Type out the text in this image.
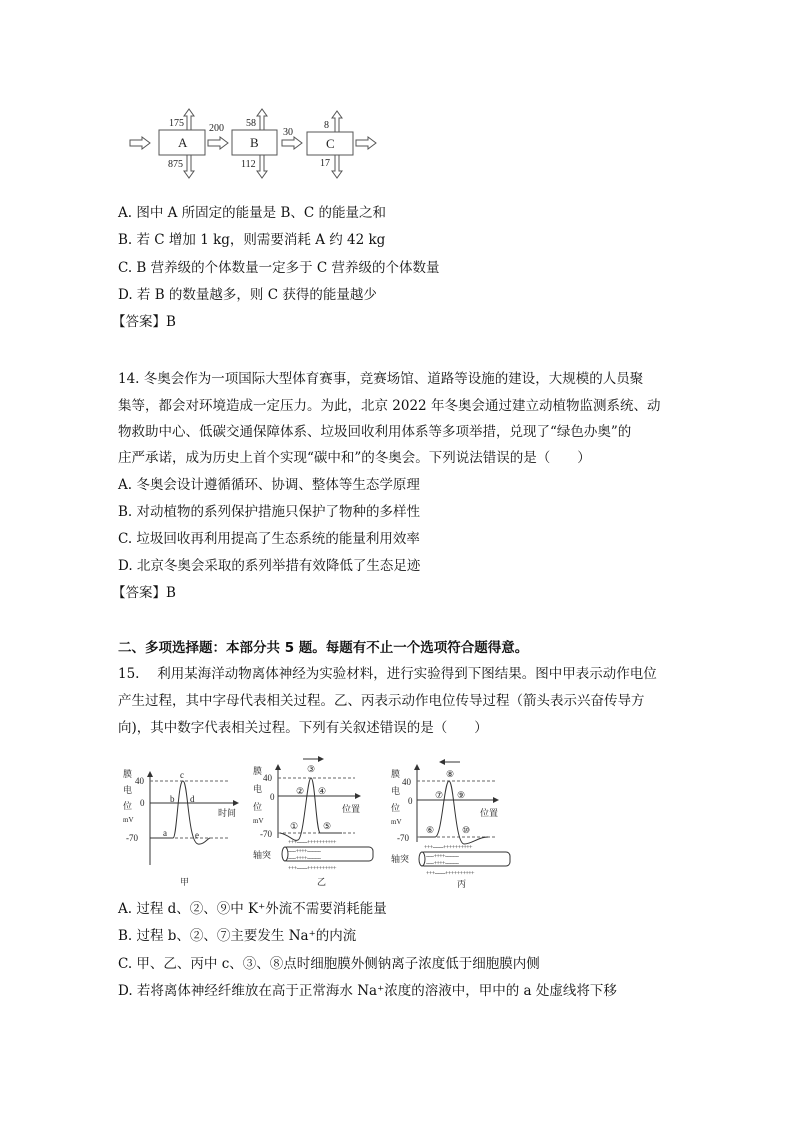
A	B	C
175
875
200 58
112
30
8
17
A. 图中 A 所固定的能量是 B、C 的能量之和
B. 若 C 增加 1 kg，则需要消耗 A 约 42 kg
C. B 营养级的个体数量一定多于 C 营养级的个体数量
D. 若 B 的数量越多，则 C 获得的能量越少
【答案】B
14. 冬奥会作为一项国际大型体育赛事，竞赛场馆、道路等设施的建设，大规模的人员聚
集等，都会对环境造成一定压力。为此，北京 2022 年冬奥会通过建立动植物监测系统、动
物救助中心、低碳交通保障体系、垃圾回收利用体系等多项举措，兑现了“绿色办奥”的
庄严承诺，成为历史上首个实现“碳中和”的冬奥会。下列说法错误的是（　　）
A. 冬奥会设计遵循循环、协调、整体等生态学原理
B. 对动植物的系列保护措施只保护了物种的多样性
C. 垃圾回收再利用提高了生态系统的能量利用效率
D. 北京冬奥会采取的系列举措有效降低了生态足迹
【答案】B
二、多项选择题：本部分共 5 题。每题有不止一个选项符合题得意。
15.　 利用某海洋动物离体神经为实验材料，进行实验得到下图结果。图中甲表示动作电位
产生过程，其中字母代表相关过程。乙、丙表示动作电位传导过程（箭头表示兴奋传导方
向)，其中数字代表相关过程。下列有关叙述错误的是（　　）
膜
电
位
mV
40
0
-70
时间
a
b
c
d
e
甲
膜
电
位
mV
40
0
-70
位置
①
②
③
④
⑤
+++-------++++++++++
-----++++---------
-----++++---------
+++-------++++++++++
轴突
乙
膜
电
位
mV
40
0
-70
位置
⑥
⑦
⑧
⑨
⑩
+++-------++++++++++
-----++++---------
-----++++---------
+++-------++++++++++
轴突
丙
A. 过程 d、②、⑨中 K⁺外流不需要消耗能量
B. 过程 b、②、⑦主要发生 Na⁺的内流
C. 甲、乙、丙中 c、③、⑧点时细胞膜外侧钠离子浓度低于细胞膜内侧
D. 若将离体神经纤维放在高于正常海水 Na⁺浓度的溶液中，甲中的 a 处虚线将下移
